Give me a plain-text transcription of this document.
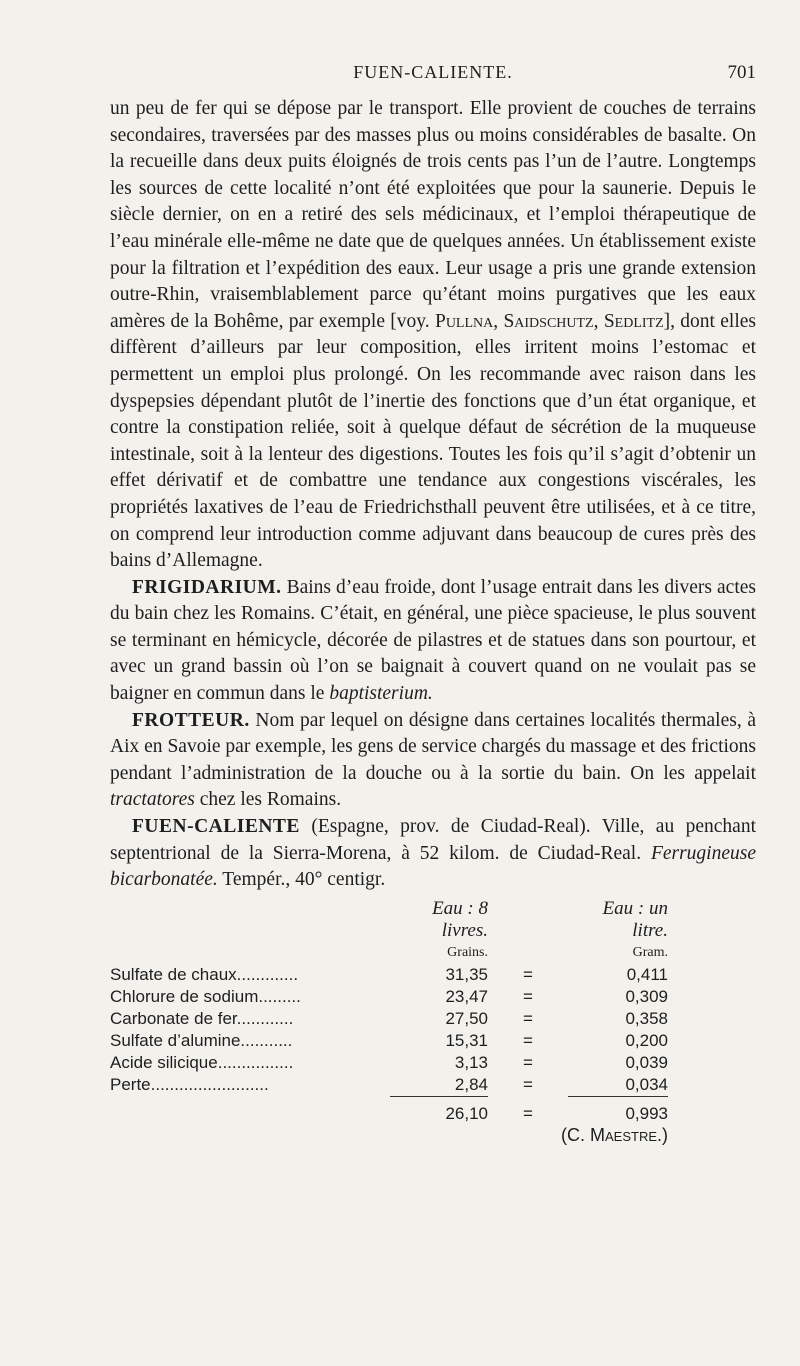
FUEN-CALIENTE.	701

un peu de fer qui se dépose par le transport. Elle provient de couches de terrains secondaires, traversées par des masses plus ou moins considérables de basalte. On la recueille dans deux puits éloignés de trois cents pas l’un de l’autre. Longtemps les sources de cette localité n’ont été exploitées que pour la saunerie. Depuis le siècle dernier, on en a retiré des sels médicinaux, et l’emploi thérapeutique de l’eau minérale elle-même ne date que de quelques années. Un établissement existe pour la filtration et l’expédition des eaux. Leur usage a pris une grande extension outre-Rhin, vraisemblablement parce qu’étant moins purgatives que les eaux amères de la Bohême, par exemple [voy. Pullna, Saidschutz, Sedlitz], dont elles diffèrent d’ailleurs par leur composition, elles irritent moins l’estomac et permettent un emploi plus prolongé. On les recommande avec raison dans les dyspepsies dépendant plutôt de l’inertie des fonctions que d’un état organique, et contre la constipation reliée, soit à quelque défaut de sécrétion de la muqueuse intestinale, soit à la lenteur des digestions. Toutes les fois qu’il s’agit d’obtenir un effet dérivatif et de combattre une tendance aux congestions viscérales, les propriétés laxatives de l’eau de Friedrichsthall peuvent être utilisées, et à ce titre, on comprend leur introduction comme adjuvant dans beaucoup de cures près des bains d’Allemagne.

FRIGIDARIUM. Bains d’eau froide, dont l’usage entrait dans les divers actes du bain chez les Romains. C’était, en général, une pièce spacieuse, le plus souvent se terminant en hémicycle, décorée de pilastres et de statues dans son pourtour, et avec un grand bassin où l’on se baignait à couvert quand on ne voulait pas se baigner en commun dans le baptisterium.

FROTTEUR. Nom par lequel on désigne dans certaines localités thermales, à Aix en Savoie par exemple, les gens de service chargés du massage et des frictions pendant l’administration de la douche ou à la sortie du bain. On les appelait tractatores chez les Romains.

FUEN-CALIENTE (Espagne, prov. de Ciudad-Real). Ville, au penchant septentrional de la Sierra-Morena, à 52 kilom. de Ciudad-Real. Ferrugineuse bicarbonatée. Tempér., 40° centigr.

	Eau : 8 livres.		Eau : un litre.
	Grains.		Gram.
Sulfate de chaux.............	31,35	=	0,411
Chlorure de sodium.........	23,47	=	0,309
Carbonate de fer............	27,50	=	0,358
Sulfate d’alumine...........	15,31	=	0,200
Acide silicique................	3,13	=	0,039
Perte.........................	2,84	=	0,034
	26,10	=	0,993
		(C. Maestre.)	
